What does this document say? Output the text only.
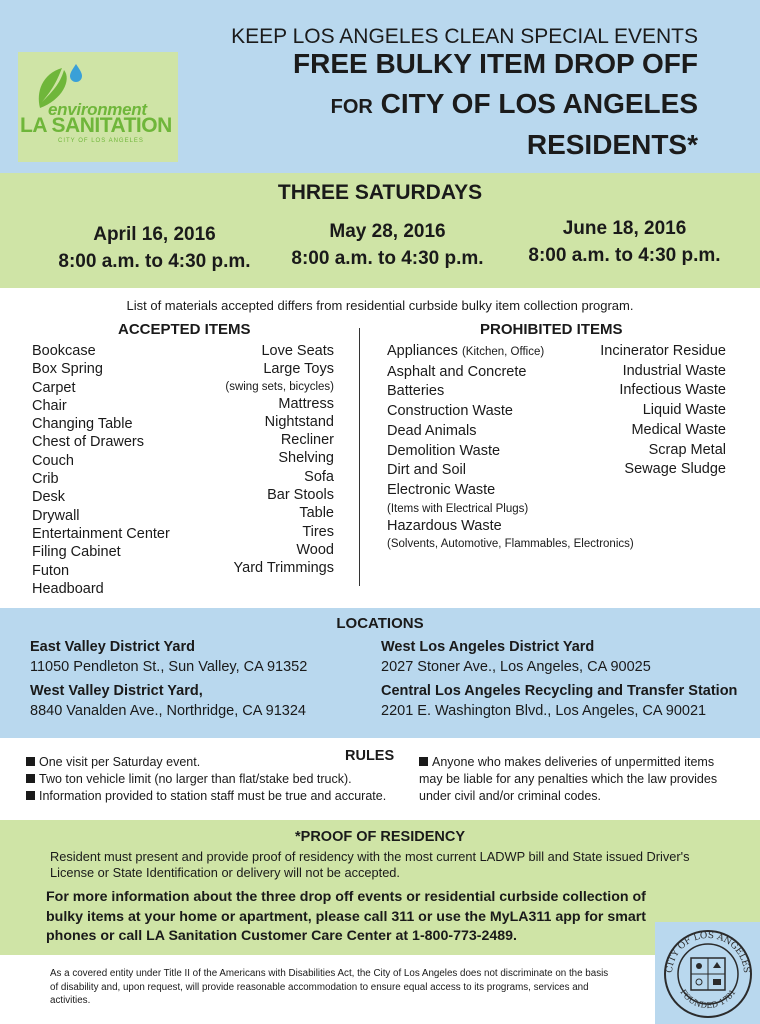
environment
LA SANITATION
CITY OF LOS ANGELES
KEEP LOS ANGELES CLEAN SPECIAL EVENTS
FREE BULKY ITEM DROP OFF
FOR CITY OF LOS ANGELES
RESIDENTS*
THREE SATURDAYS
April 16, 2016
8:00 a.m. to 4:30 p.m.
May 28, 2016
8:00 a.m. to 4:30 p.m.
June 18, 2016
8:00 a.m. to 4:30 p.m.
List of materials accepted differs from residential curbside bulky item collection program.
ACCEPTED ITEMS	PROHIBITED ITEMS
Bookcase
Box Spring
Carpet
Chair
Changing Table
Chest of Drawers
Couch
Crib
Desk
Drywall
Entertainment Center
Filing Cabinet
Futon
Headboard
Love Seats
Large Toys
(swing sets, bicycles)
Mattress
Nightstand
Recliner
Shelving
Sofa
Bar Stools
Table
Tires
Wood
Yard Trimmings
Appliances (Kitchen, Office)
Asphalt and Concrete
Batteries
Construction Waste
Dead Animals
Demolition Waste
Dirt and Soil
Electronic Waste
(Items with Electrical Plugs)
Hazardous Waste
(Solvents, Automotive, Flammables, Electronics)
Incinerator Residue
Industrial Waste
Infectious Waste
Liquid Waste
Medical Waste
Scrap Metal
Sewage Sludge
LOCATIONS
East Valley District Yard
11050 Pendleton St., Sun Valley, CA 91352
West Valley District Yard,
8840 Vanalden Ave., Northridge, CA 91324
West Los Angeles District Yard
2027 Stoner Ave., Los Angeles, CA 90025
Central Los Angeles Recycling and Transfer Station
2201 E. Washington Blvd., Los Angeles, CA 90021
RULES
One visit per Saturday event.
Two ton vehicle limit (no larger than flat/stake bed truck).
Information provided to station staff must be true and accurate.
Anyone who makes deliveries of unpermitted items may be liable for any penalties which the law provides under civil and/or criminal codes.
*PROOF OF RESIDENCY
Resident must present and provide proof of residency with the most current LADWP bill and State issued Driver's License or State Identification or delivery will not be accepted.
For more information about the three drop off events or residential curbside collection of bulky items at your home or apartment, please call 311 or use the MyLA311 app for smart phones or call LA Sanitation Customer Care Center at 1-800-773-2489.
As a covered entity under Title II of the Americans with Disabilities Act, the City of Los Angeles does not discriminate on the basis of disability and, upon request, will provide reasonable accommodation to ensure equal access to its programs, services and activities.
CITY OF LOS ANGELES
FOUNDED 1781
